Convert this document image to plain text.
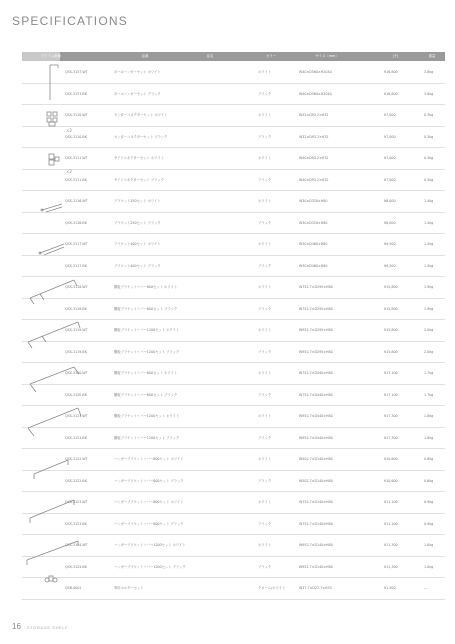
SPECIFICATIONS
アイテム画像	品番	品名	カラー	サイズ（mm）	上代	重量
QSS-3137-WT	ポールハンガーセット ホワイト	ホワイト	W40×D560×H2040	¥16,800	3.8kg
QSS-3137-BK	ポールハンガーセット ブラック	ブラック	W40×D560×H2040	¥16,800	3.8kg
QSS-3110-WT	センターコネクターセット ホワイト	ホワイト	W32×D93.2×H32	¥7,000	0.3kg
QSS-3110-BK	センターコネクターセット ブラック	ブラック	W32×D93.2×H32	¥7,000	0.3kg
QSS-3111-WT	サイドコネクターセット ホワイト	ホワイト	W40×D93.2×H32	¥7,000	0.3kg
QSS-3111-BK	サイドコネクターセット ブラック	ブラック	W40×D93.2×H32	¥7,000	0.3kg
QSS-3116-WT	ブラケット250セット ホワイト	ホワイト	W30×D320×H80	¥8,000	1.4kg
QSS-3116-BK	ブラケット250セット ブラック	ブラック	W30×D320×H80	¥8,000	1.4kg
QSS-3117-WT	ブラケット400セット ホワイト	ホワイト	W30×D460×H80	¥9,500	1.5kg
QSS-3117-BK	ブラケット400セット ブラック	ブラック	W30×D460×H80	¥9,500	1.5kg
QSS-3118-WT	棚板ブラケット＋バー800セット ホワイト	ホワイト	W752.7×D295×H80	¥15,800	1.9kg
QSS-3118-BK	棚板ブラケット＋バー800セット ブラック	ブラック	W752.7×D295×H80	¥15,800	1.9kg
QSS-3119-WT	棚板ブラケット＋バー1200セット ホワイト	ホワイト	W952.7×D295×H80	¥15,800	2.0kg
QSS-3119-BK	棚板ブラケット＋バー1200セット ブラック	ブラック	W952.7×D295×H80	¥15,800	2.0kg
QSS-3120-WT	棚板ブラケット＋バー800セット ホワイト	ホワイト	W752.7×D440×H80	¥17,100	1.7kg
QSS-3120-BK	棚板ブラケット＋バー800セット ブラック	ブラック	W752.7×D440×H80	¥17,100	1.7kg
QSS-3121-WT	棚板ブラケット＋バー1200セット ホワイト	ホワイト	W952.7×D440×H80	¥17,300	1.8kg
QSS-3121-BK	棚板ブラケット＋バー1200セット ブラック	ブラック	W952.7×D440×H80	¥17,300	1.8kg
QSS-3122-WT	ハンガーブラケット＋バー800セット ホワイト	ホワイト	W502.7×D140×H80	¥10,600	0.6kg
QSS-3122-BK	ハンガーブラケット＋バー800セット ブラック	ブラック	W502.7×D140×H80	¥10,600	0.6kg
QSS-3123-WT	ハンガーブラケット＋バー800セット ホワイト	ホワイト	W752.7×D140×H80	¥11,100	0.9kg
QSS-3123-BK	ハンガーブラケット＋バー800セット ブラック	ブラック	W752.7×D140×H80	¥11,100	0.9kg
QSS-3124-WT	ハンガーブラケット＋バー1200セット ホワイト	ホワイト	W952.7×D140×H80	¥11,300	1.0kg
QSS-3124-BK	ハンガーブラケット＋バー1200セット ブラック	ブラック	W952.7×D140×H80	¥11,300	1.0kg
QSB-0001	専用ホルダーセット	クローム/ホワイト	W17.7×D27.7×H33	¥1,300	—
×2
×2
16 STORAGE SHELF
